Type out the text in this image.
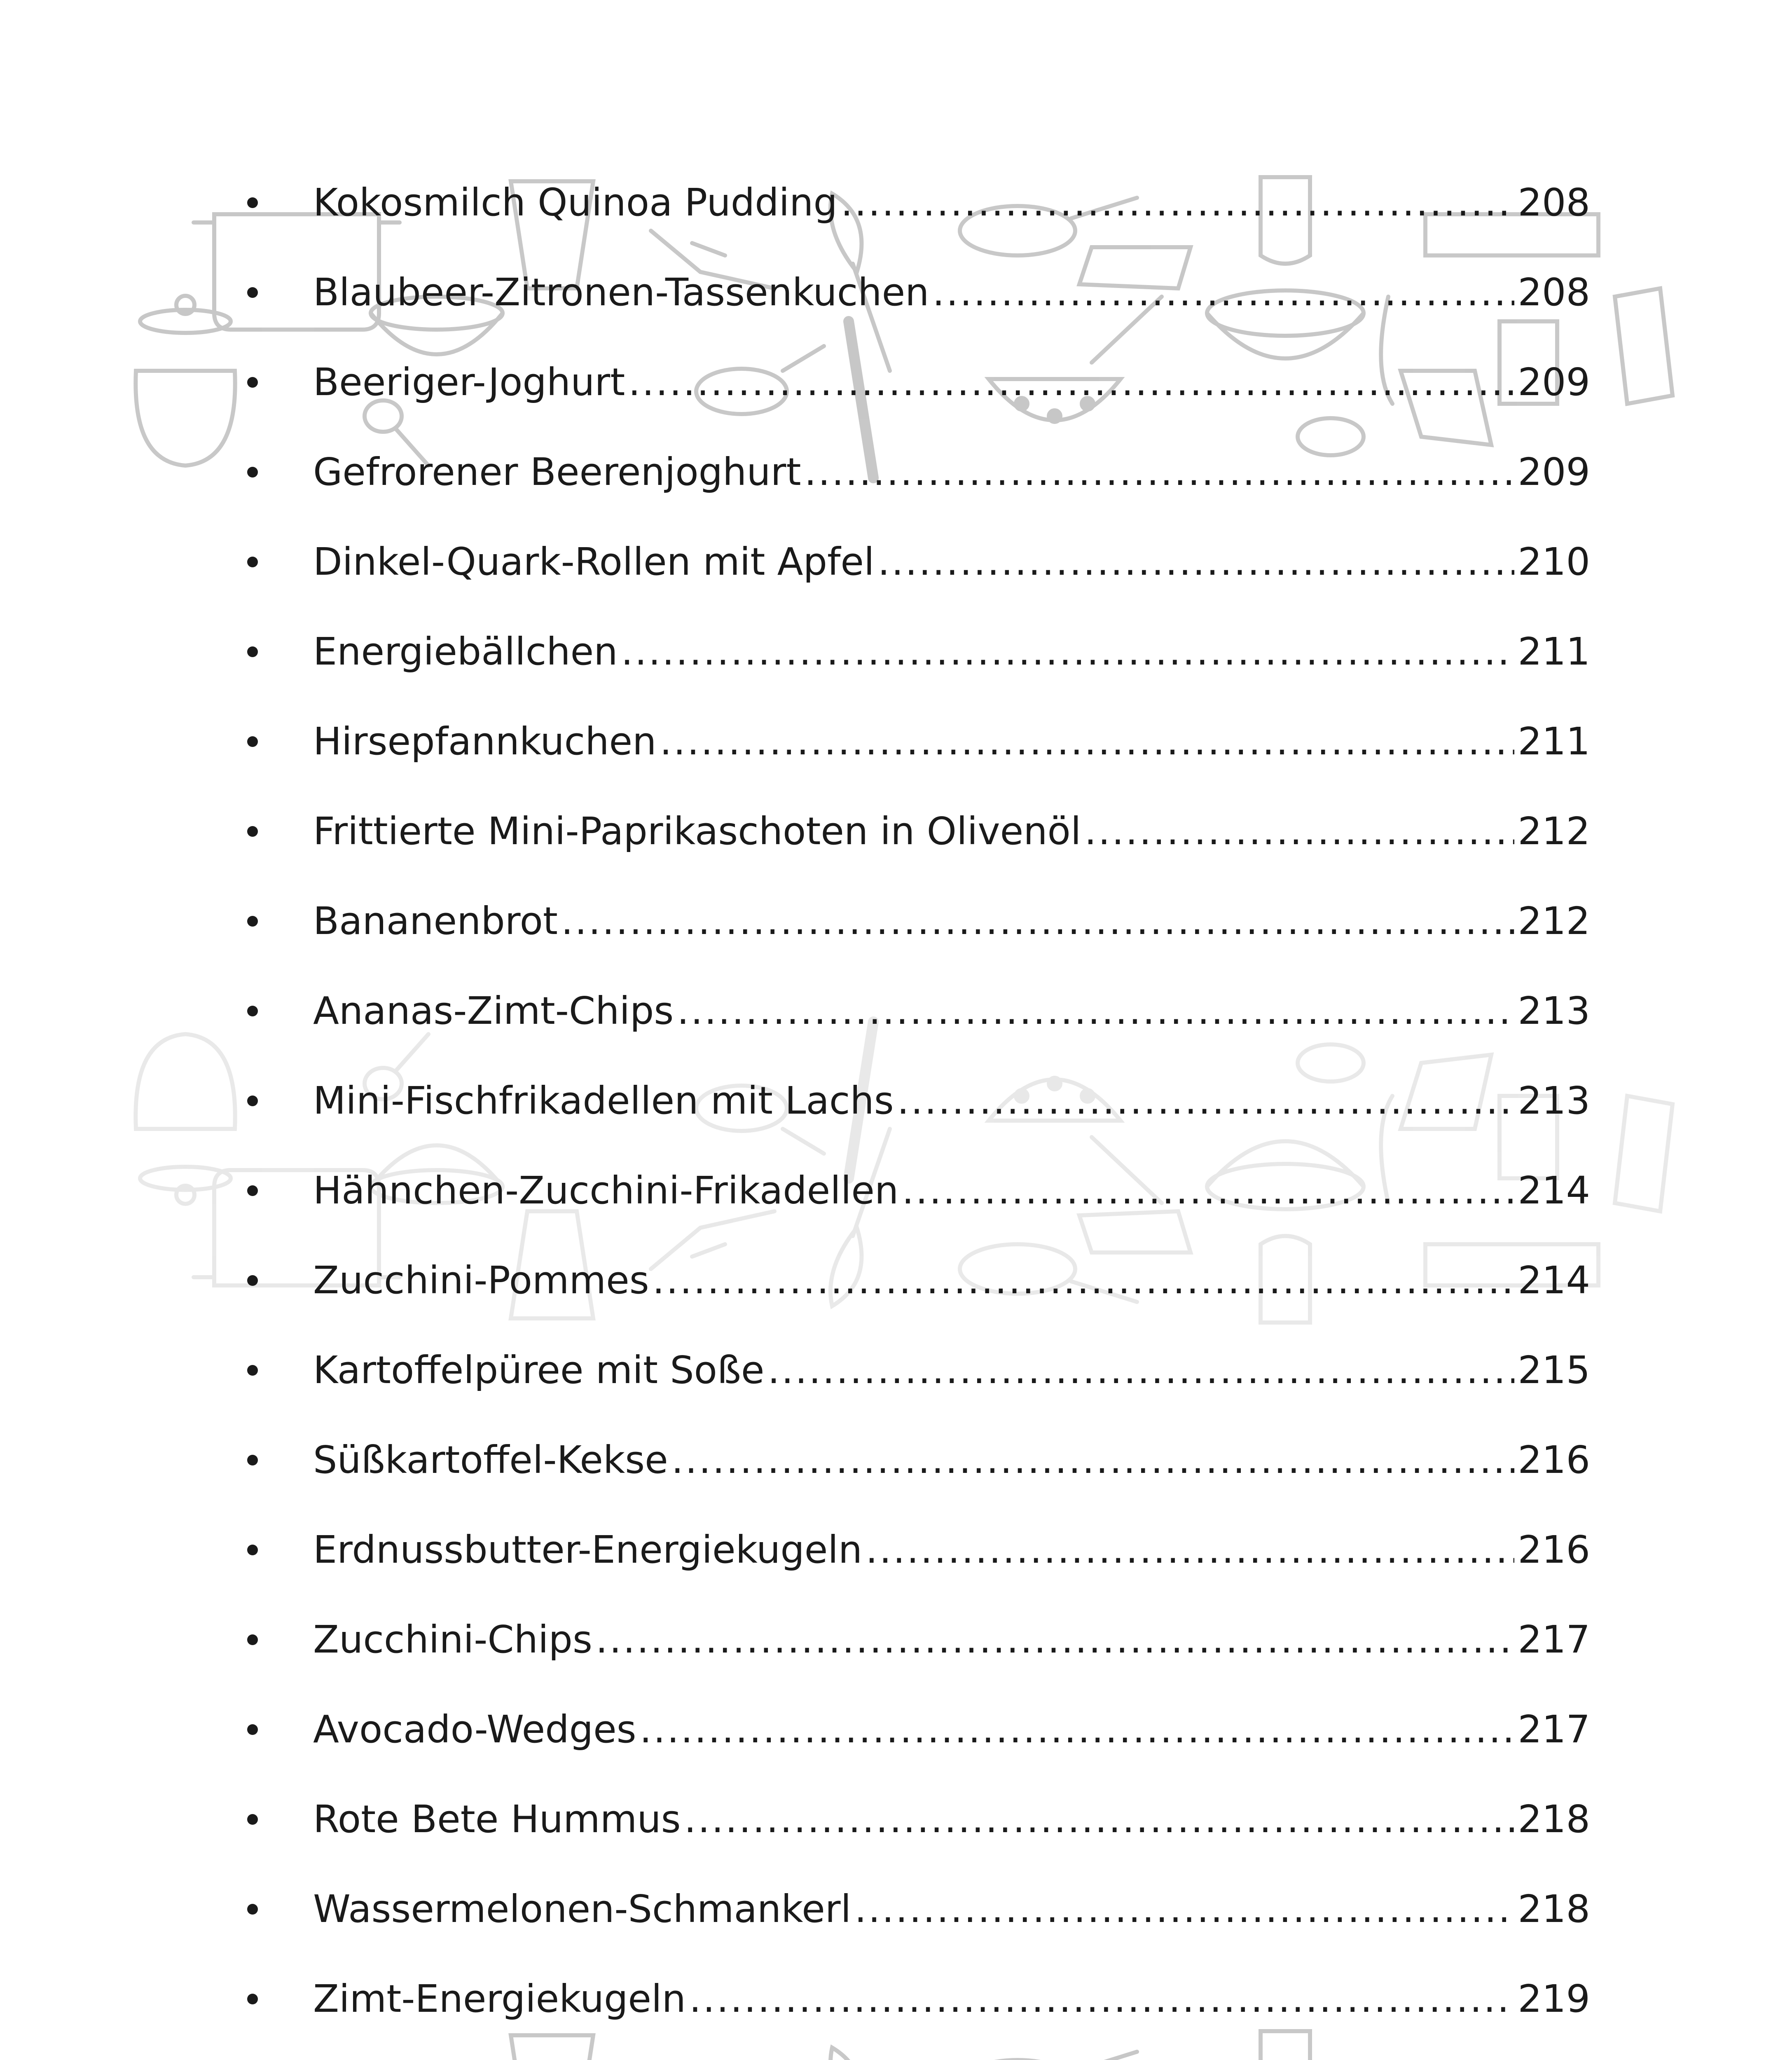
Kokosmilch Quinoa Pudding .....	208
Blaubeer-Zitronen-Tassenkuchen .....	208
Beeriger-Joghurt .....	209
Gefrorener Beerenjoghurt .....	209
Dinkel-Quark-Rollen mit Apfel .....	210
Energiebällchen .....	211
Hirsepfannkuchen .....	211
Frittierte Mini-Paprikaschoten in Olivenöl .....	212
Bananenbrot .....	212
Ananas-Zimt-Chips .....	213
Mini-Fischfrikadellen mit Lachs .....	213
Hähnchen-Zucchini-Frikadellen .....	214
Zucchini-Pommes .....	214
Kartoffelpüree mit Soße .....	215
Süßkartoffel-Kekse .....	216
Erdnussbutter-Energiekugeln .....	216
Zucchini-Chips .....	217
Avocado-Wedges .....	217
Rote Bete Hummus .....	218
Wassermelonen-Schmankerl .....	218
Zimt-Energiekugeln .....	219
.....
